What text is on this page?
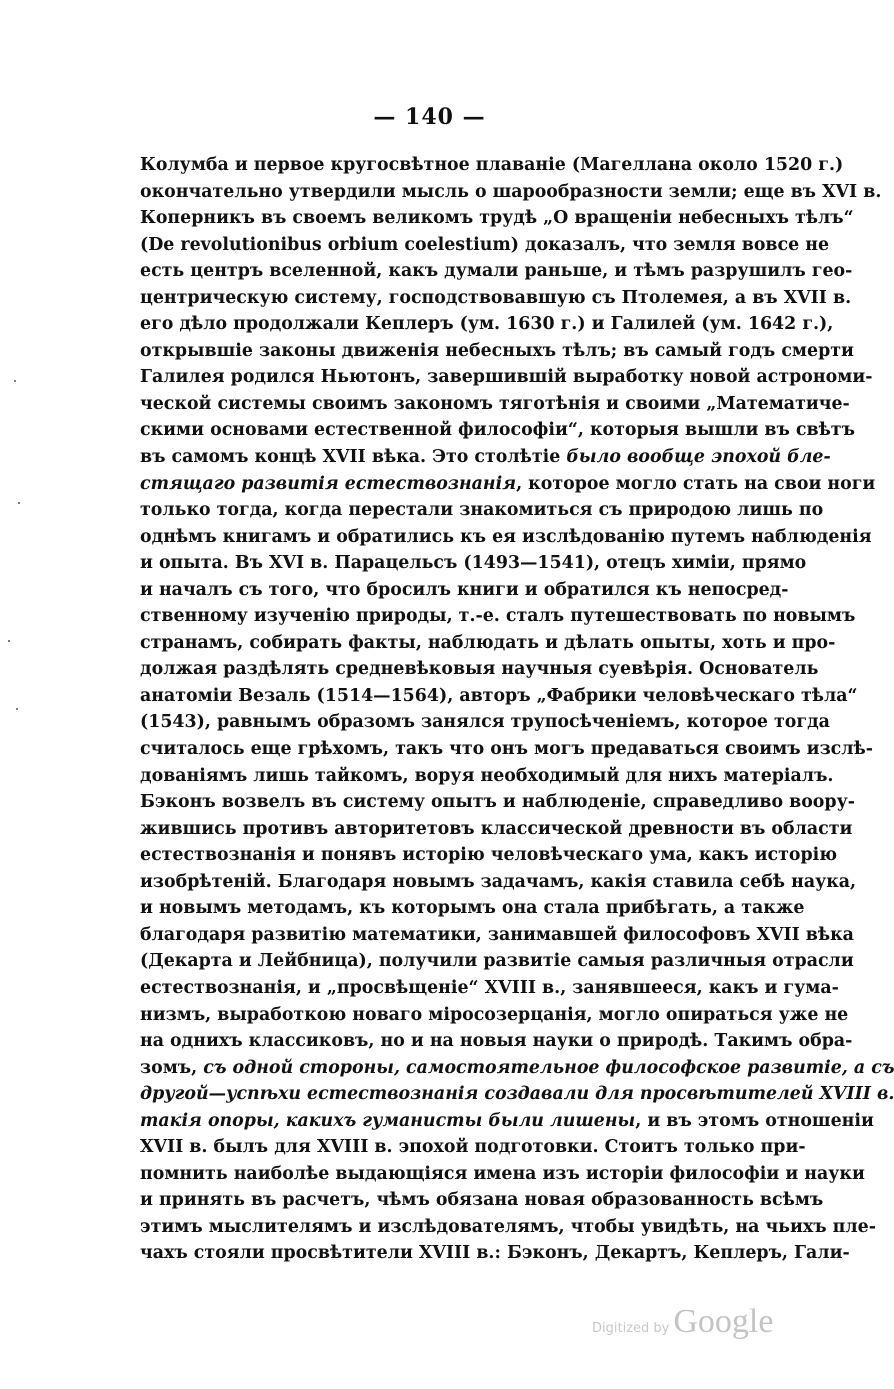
— 140 —
Колумба и первое кругосвѣтное плаваніе (Магеллана около 1520 г.)
окончательно утвердили мысль о шарообразности земли; еще въ XVI в.
Коперникъ въ своемъ великомъ трудѣ „О вращеніи небесныхъ тѣлъ“
(De revolutionibus orbium coelestium) доказалъ, что земля вовсе не
есть центръ вселенной, какъ думали раньше, и тѣмъ разрушилъ гео-
центрическую систему, господствовавшую съ Птолемея, а въ XVII в.
его дѣло продолжали Кеплеръ (ум. 1630 г.) и Галилей (ум. 1642 г.),
открывшіе законы движенія небесныхъ тѣлъ; въ самый годъ смерти
Галилея родился Ньютонъ, завершившій выработку новой астрономи-
ческой системы своимъ закономъ тяготѣнія и своими „Математиче-
скими основами естественной философіи“, которыя вышли въ свѣтъ
въ самомъ концѣ XVII вѣка. Это столѣтіе было вообще эпохой бле-
стящаго развитія естествознанія, которое могло стать на свои ноги
только тогда, когда перестали знакомиться съ природою лишь по
однѣмъ книгамъ и обратились къ ея изслѣдованію путемъ наблюденія
и опыта. Въ XVI в. Парацельсъ (1493—1541), отецъ химіи, прямо
и началъ съ того, что бросилъ книги и обратился къ непосред-
ственному изученію природы, т.-е. сталъ путешествовать по новымъ
странамъ, собирать факты, наблюдать и дѣлать опыты, хоть и про-
должая раздѣлять средневѣковыя научныя суевѣрія. Основатель
анатоміи Везаль (1514—1564), авторъ „Фабрики человѣческаго тѣла“
(1543), равнымъ образомъ занялся трупосѣченіемъ, которое тогда
считалось еще грѣхомъ, такъ что онъ могъ предаваться своимъ изслѣ-
дованіямъ лишь тайкомъ, воруя необходимый для нихъ матеріалъ.
Бэконъ возвелъ въ систему опытъ и наблюденіе, справедливо воору-
жившись противъ авторитетовъ классической древности въ области
естествознанія и понявъ исторію человѣческаго ума, какъ исторію
изобрѣтеній. Благодаря новымъ задачамъ, какія ставила себѣ наука,
и новымъ методамъ, къ которымъ она стала прибѣгать, а также
благодаря развитію математики, занимавшей философовъ XVII вѣка
(Декарта и Лейбница), получили развитіе самыя различныя отрасли
естествознанія, и „просвѣщеніе“ XVIII в., занявшееся, какъ и гума-
низмъ, выработкою новаго міросозерцанія, могло опираться уже не
на однихъ классиковъ, но и на новыя науки о природѣ. Такимъ обра-
зомъ, съ одной стороны, самостоятельное философское развитіе, а съ
другой—успѣхи естествознанія создавали для просвѣтителей XVIII в.
такія опоры, какихъ гуманисты были лишены, и въ этомъ отношеніи
XVII в. былъ для XVIII в. эпохой подготовки. Стоитъ только при-
помнить наиболѣе выдающіяся имена изъ исторіи философіи и науки
и принять въ расчетъ, чѣмъ обязана новая образованность всѣмъ
этимъ мыслителямъ и изслѣдователямъ, чтобы увидѣть, на чьихъ пле-
чахъ стояли просвѣтители XVIII в.: Бэконъ, Декартъ, Кеплеръ, Гали-
Digitized by Google
